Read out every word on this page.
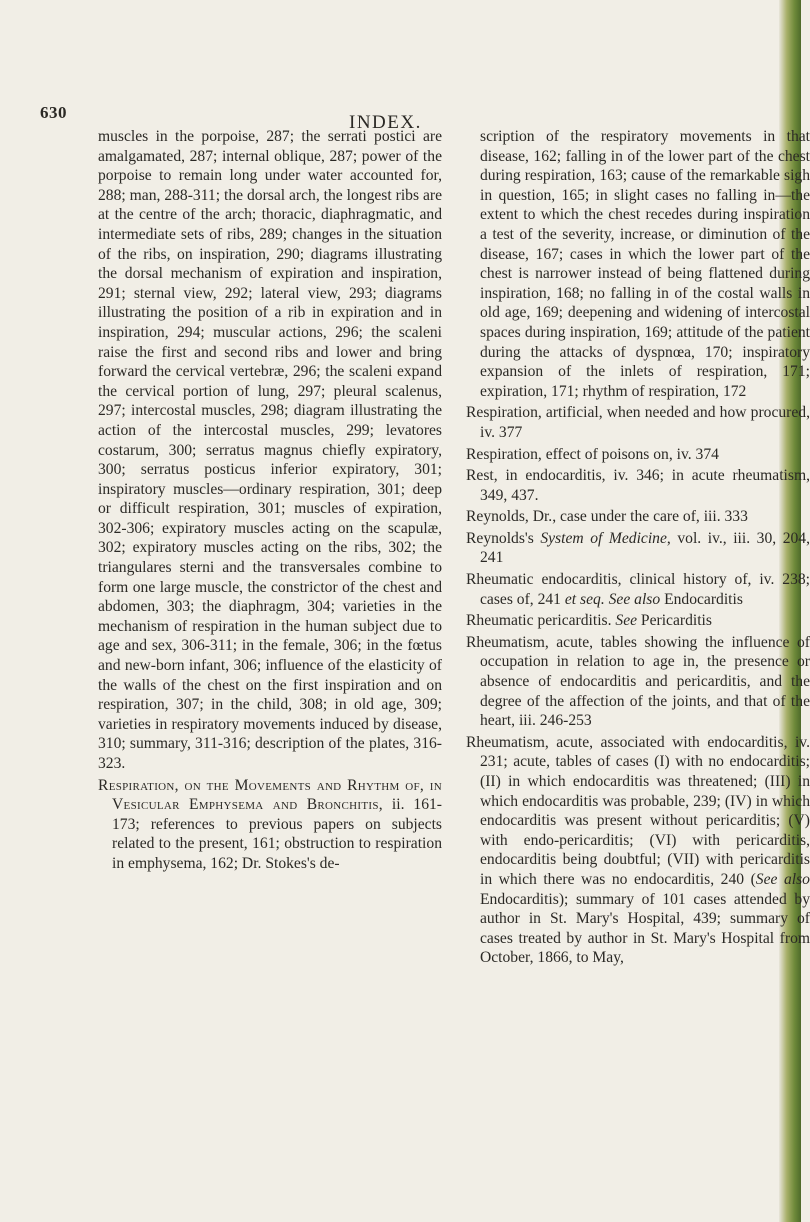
630	INDEX.

muscles in the porpoise, 287; the serrati postici are amalgamated, 287; internal oblique, 287; power of the porpoise to remain long under water accounted for, 288; man, 288-311; the dorsal arch, the longest ribs are at the centre of the arch; thoracic, diaphragmatic, and intermediate sets of ribs, 289; changes in the situation of the ribs, on inspiration, 290; diagrams illustrating the dorsal mechanism of expiration and inspiration, 291; sternal view, 292; lateral view, 293; diagrams illustrating the position of a rib in expiration and in inspiration, 294; muscular actions, 296; the scaleni raise the first and second ribs and lower and bring forward the cervical vertebræ, 296; the scaleni expand the cervical portion of lung, 297; pleural scalenus, 297; intercostal muscles, 298; diagram illustrating the action of the intercostal muscles, 299; levatores costarum, 300; serratus magnus chiefly expiratory, 300; serratus posticus inferior expiratory, 301; inspiratory muscles—ordinary respiration, 301; deep or difficult respiration, 301; muscles of expiration, 302-306; expiratory muscles acting on the scapulæ, 302; expiratory muscles acting on the ribs, 302; the triangulares sterni and the transversales combine to form one large muscle, the constrictor of the chest and abdomen, 303; the diaphragm, 304; varieties in the mechanism of respiration in the human subject due to age and sex, 306-311; in the female, 306; in the fœtus and new-born infant, 306; influence of the elasticity of the walls of the chest on the first inspiration and on respiration, 307; in the child, 308; in old age, 309; varieties in respiratory movements induced by disease, 310; summary, 311-316; description of the plates, 316-323.

Respiration, on the Movements and Rhythm of, in Vesicular Emphysema and Bronchitis, ii. 161-173; references to previous papers on subjects related to the present, 161; obstruction to respiration in emphysema, 162; Dr. Stokes's de-

scription of the respiratory movements in that disease, 162; falling in of the lower part of the chest during respiration, 163; cause of the remarkable sigh in question, 165; in slight cases no falling in—the extent to which the chest recedes during inspiration a test of the severity, increase, or diminution of the disease, 167; cases in which the lower part of the chest is narrower instead of being flattened during inspiration, 168; no falling in of the costal walls in old age, 169; deepening and widening of intercostal spaces during inspiration, 169; attitude of the patient during the attacks of dyspnœa, 170; inspiratory expansion of the inlets of respiration, 171; expiration, 171; rhythm of respiration, 172

Respiration, artificial, when needed and how procured, iv. 377

Respiration, effect of poisons on, iv. 374

Rest, in endocarditis, iv. 346; in acute rheumatism, 349, 437.

Reynolds, Dr., case under the care of, iii. 333

Reynolds's System of Medicine, vol. iv., iii. 30, 204, 241

Rheumatic endocarditis, clinical history of, iv. 238; cases of, 241 et seq. See also Endocarditis

Rheumatic pericarditis. See Pericarditis

Rheumatism, acute, tables showing the influence of occupation in relation to age in, the presence or absence of endocarditis and pericarditis, and the degree of the affection of the joints, and that of the heart, iii. 246-253

Rheumatism, acute, associated with endocarditis, iv. 231; acute, tables of cases (I) with no endocarditis; (II) in which endocarditis was threatened; (III) in which endocarditis was probable, 239; (IV) in which endocarditis was present without pericarditis; (V) with endo-pericarditis; (VI) with pericarditis, endocarditis being doubtful; (VII) with pericarditis in which there was no endocarditis, 240 (See also Endocarditis); summary of 101 cases attended by author in St. Mary's Hospital, 439; summary of cases treated by author in St. Mary's Hospital from October, 1866, to May,
